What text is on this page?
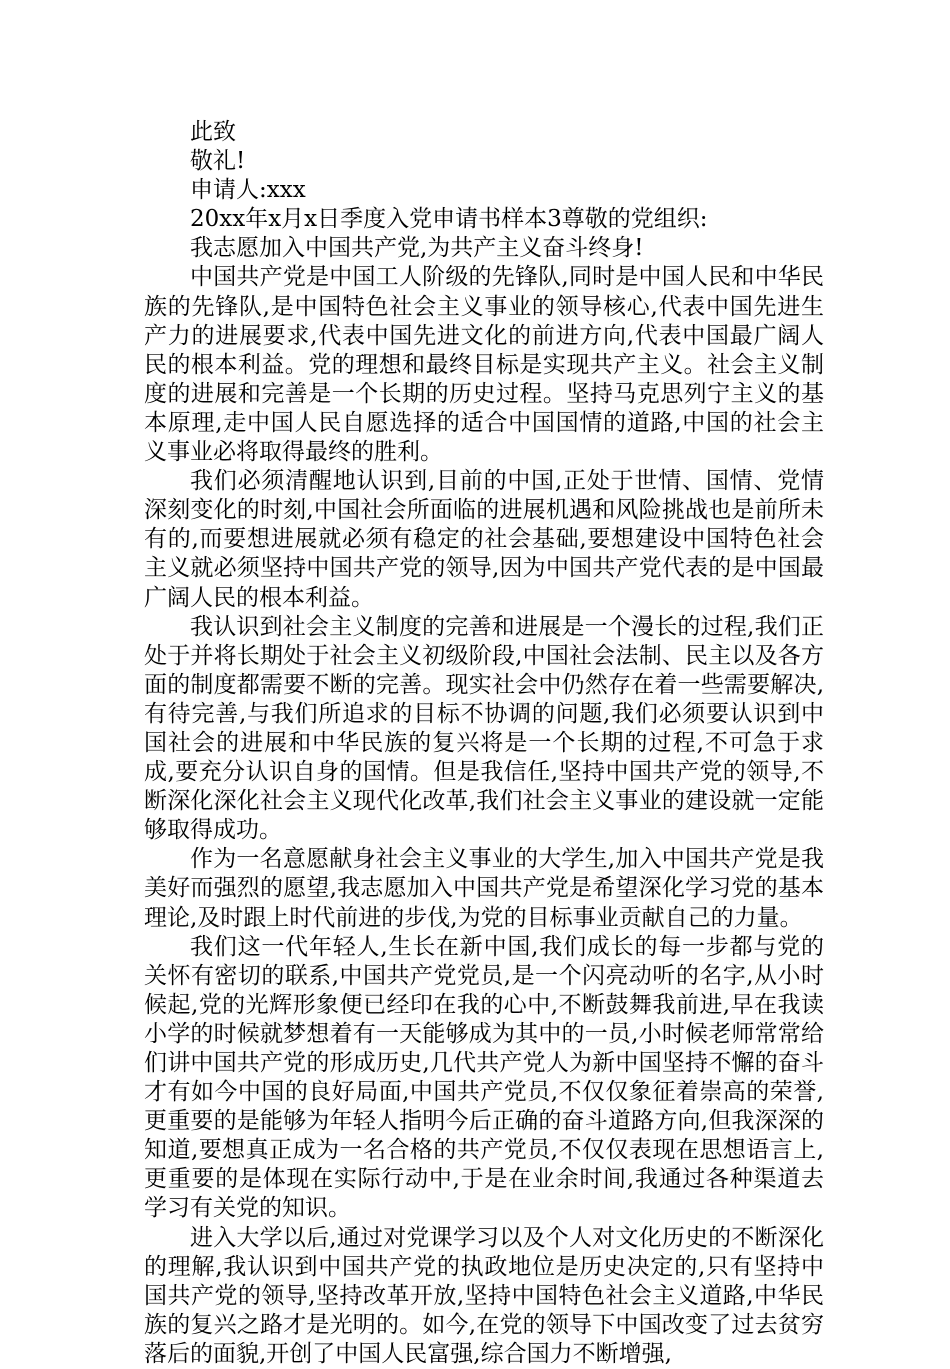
此致

敬礼!

申请人:xxx

20xx年x月x日季度入党申请书样本3尊敬的党组织:

我志愿加入中国共产党,为共产主义奋斗终身!

中国共产党是中国工人阶级的先锋队,同时是中国人民和中华民族的先锋队,是中国特色社会主义事业的领导核心,代表中国先进生产力的进展要求,代表中国先进文化的前进方向,代表中国最广阔人民的根本利益。党的理想和最终目标是实现共产主义。社会主义制度的进展和完善是一个长期的历史过程。坚持马克思列宁主义的基本原理,走中国人民自愿选择的适合中国国情的道路,中国的社会主义事业必将取得最终的胜利。

我们必须清醒地认识到,目前的中国,正处于世情、国情、党情深刻变化的时刻,中国社会所面临的进展机遇和风险挑战也是前所未有的,而要想进展就必须有稳定的社会基础,要想建设中国特色社会主义就必须坚持中国共产党的领导,因为中国共产党代表的是中国最广阔人民的根本利益。

我认识到社会主义制度的完善和进展是一个漫长的过程,我们正处于并将长期处于社会主义初级阶段,中国社会法制、民主以及各方面的制度都需要不断的完善。现实社会中仍然存在着一些需要解决,有待完善,与我们所追求的目标不协调的问题,我们必须要认识到中国社会的进展和中华民族的复兴将是一个长期的过程,不可急于求成,要充分认识自身的国情。但是我信任,坚持中国共产党的领导,不断深化深化社会主义现代化改革,我们社会主义事业的建设就一定能够取得成功。

作为一名意愿献身社会主义事业的大学生,加入中国共产党是我美好而强烈的愿望,我志愿加入中国共产党是希望深化学习党的基本理论,及时跟上时代前进的步伐,为党的目标事业贡献自己的力量。

我们这一代年轻人,生长在新中国,我们成长的每一步都与党的关怀有密切的联系,中国共产党党员,是一个闪亮动听的名字,从小时候起,党的光辉形象便已经印在我的心中,不断鼓舞我前进,早在我读小学的时候就梦想着有一天能够成为其中的一员,小时候老师常常给们讲中国共产党的形成历史,几代共产党人为新中国坚持不懈的奋斗才有如今中国的良好局面,中国共产党员,不仅仅象征着崇高的荣誉,更重要的是能够为年轻人指明今后正确的奋斗道路方向,但我深深的知道,要想真正成为一名合格的共产党员,不仅仅表现在思想语言上,更重要的是体现在实际行动中,于是在业余时间,我通过各种渠道去学习有关党的知识。

进入大学以后,通过对党课学习以及个人对文化历史的不断深化的理解,我认识到中国共产党的执政地位是历史决定的,只有坚持中国共产党的领导,坚持改革开放,坚持中国特色社会主义道路,中华民族的复兴之路才是光明的。如今,在党的领导下中国改变了过去贫穷落后的面貌,开创了中国人民富强,综合国力不断增强,
